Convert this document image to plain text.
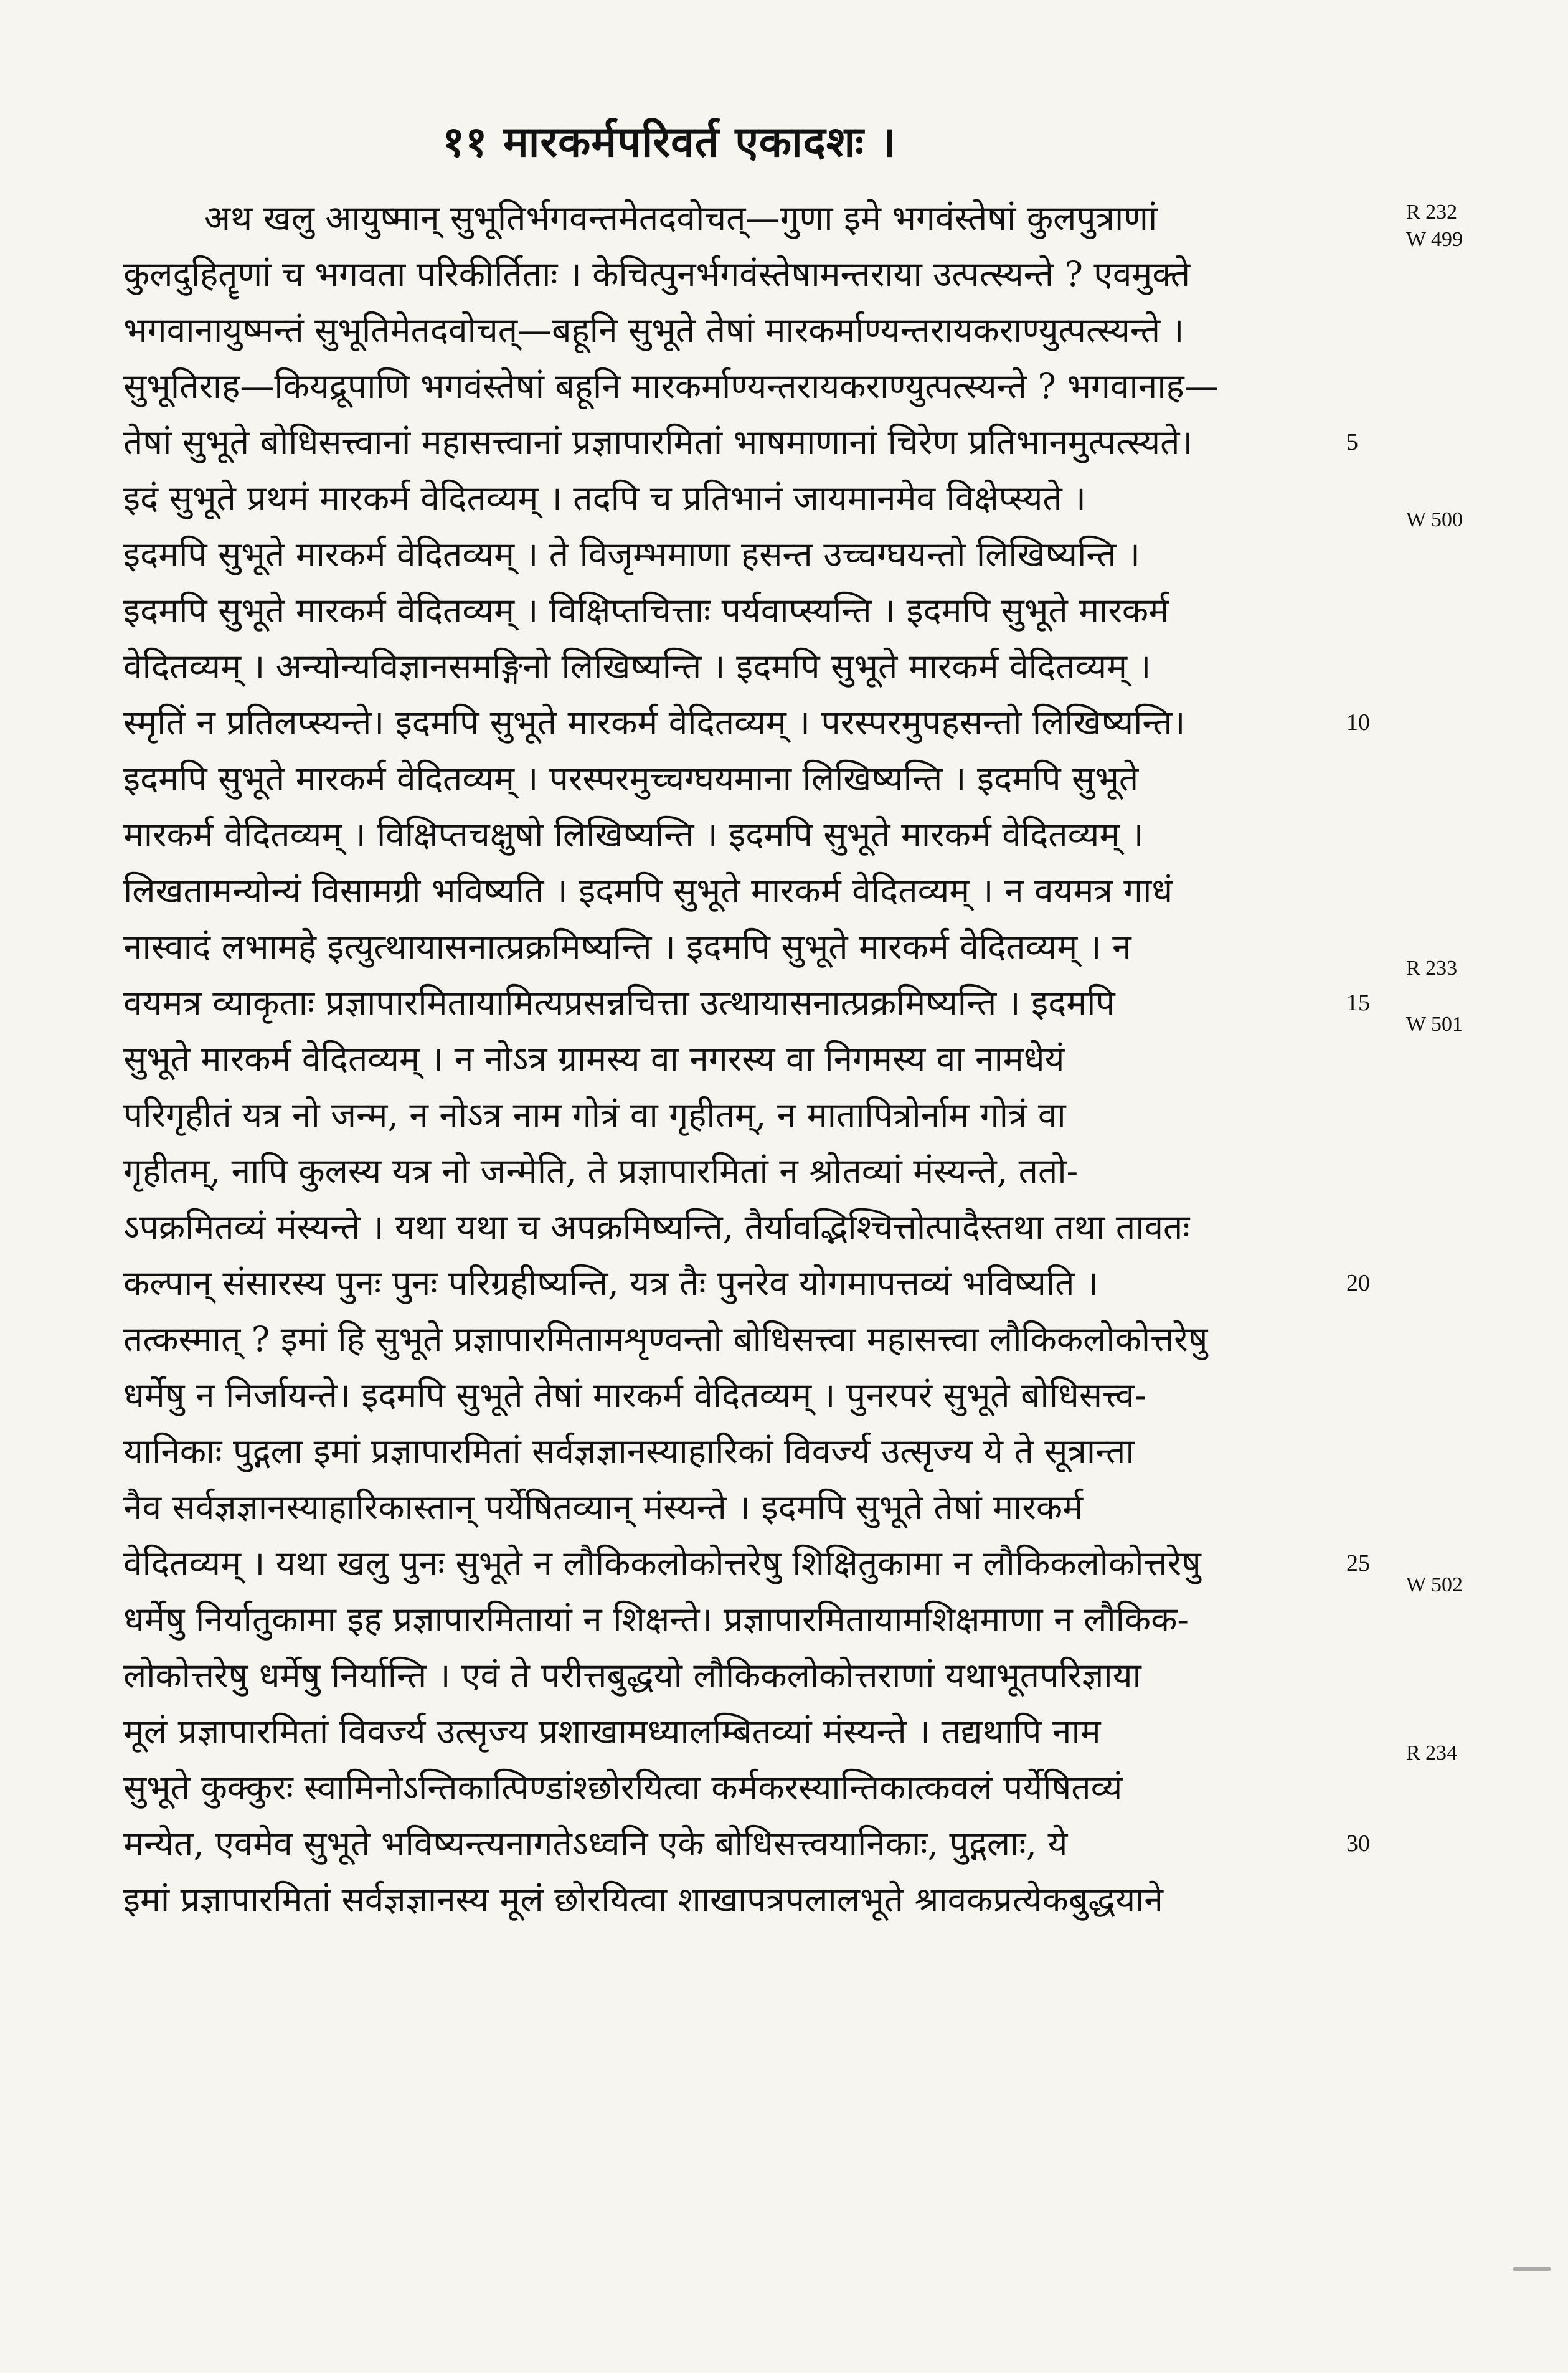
११ मारकर्मपरिवर्त एकादशः ।
अथ खलु आयुष्मान् सुभूतिर्भगवन्तमेतदवोचत्—गुणा इमे भगवंस्तेषां कुलपुत्राणां
कुलदुहितॄणां च भगवता परिकीर्तिताः । केचित्पुनर्भगवंस्तेषामन्तराया उत्पत्स्यन्ते ? एवमुक्ते
भगवानायुष्मन्तं सुभूतिमेतदवोचत्—बहूनि सुभूते तेषां मारकर्माण्यन्तरायकराण्युत्पत्स्यन्ते ।
सुभूतिराह—कियद्रूपाणि भगवंस्तेषां बहूनि मारकर्माण्यन्तरायकराण्युत्पत्स्यन्ते ? भगवानाह—
तेषां सुभूते बोधिसत्त्वानां महासत्त्वानां प्रज्ञापारमितां भाषमाणानां चिरेण प्रतिभानमुत्पत्स्यते।
इदं सुभूते प्रथमं मारकर्म वेदितव्यम् । तदपि च प्रतिभानं जायमानमेव विक्षेप्स्यते ।
इदमपि सुभूते मारकर्म वेदितव्यम् । ते विजृम्भमाणा हसन्त उच्चग्घयन्तो लिखिष्यन्ति ।
इदमपि सुभूते मारकर्म वेदितव्यम् । विक्षिप्तचित्ताः पर्यवाप्स्यन्ति । इदमपि सुभूते मारकर्म
वेदितव्यम् । अन्योन्यविज्ञानसमङ्गिनो लिखिष्यन्ति । इदमपि सुभूते मारकर्म वेदितव्यम् ।
स्मृतिं न प्रतिलप्स्यन्ते। इदमपि सुभूते मारकर्म वेदितव्यम् । परस्परमुपहसन्तो लिखिष्यन्ति।
इदमपि सुभूते मारकर्म वेदितव्यम् । परस्परमुच्चग्घयमाना लिखिष्यन्ति । इदमपि सुभूते
मारकर्म वेदितव्यम् । विक्षिप्तचक्षुषो लिखिष्यन्ति । इदमपि सुभूते मारकर्म वेदितव्यम् ।
लिखतामन्योन्यं विसामग्री भविष्यति । इदमपि सुभूते मारकर्म वेदितव्यम् । न वयमत्र गाधं
नास्वादं लभामहे इत्युत्थायासनात्प्रक्रमिष्यन्ति । इदमपि सुभूते मारकर्म वेदितव्यम् । न
वयमत्र व्याकृताः प्रज्ञापारमितायामित्यप्रसन्नचित्ता उत्थायासनात्प्रक्रमिष्यन्ति । इदमपि
सुभूते मारकर्म वेदितव्यम् । न नोऽत्र ग्रामस्य वा नगरस्य वा निगमस्य वा नामधेयं
परिगृहीतं यत्र नो जन्म, न नोऽत्र नाम गोत्रं वा गृहीतम्, न मातापित्रोर्नाम गोत्रं वा
गृहीतम्, नापि कुलस्य यत्र नो जन्मेति, ते प्रज्ञापारमितां न श्रोतव्यां मंस्यन्ते, ततो-
ऽपक्रमितव्यं मंस्यन्ते । यथा यथा च अपक्रमिष्यन्ति, तैर्यावद्भिश्चित्तोत्पादैस्तथा तथा तावतः
कल्पान् संसारस्य पुनः पुनः परिग्रहीष्यन्ति, यत्र तैः पुनरेव योगमापत्तव्यं भविष्यति ।
तत्कस्मात् ? इमां हि सुभूते प्रज्ञापारमितामशृण्वन्तो बोधिसत्त्वा महासत्त्वा लौकिकलोकोत्तरेषु
धर्मेषु न निर्जायन्ते। इदमपि सुभूते तेषां मारकर्म वेदितव्यम् । पुनरपरं सुभूते बोधिसत्त्व-
यानिकाः पुद्गला इमां प्रज्ञापारमितां सर्वज्ञज्ञानस्याहारिकां विवर्ज्य उत्सृज्य ये ते सूत्रान्ता
नैव सर्वज्ञज्ञानस्याहारिकास्तान् पर्येषितव्यान् मंस्यन्ते । इदमपि सुभूते तेषां मारकर्म
वेदितव्यम् । यथा खलु पुनः सुभूते न लौकिकलोकोत्तरेषु शिक्षितुकामा न लौकिकलोकोत्तरेषु
धर्मेषु निर्यातुकामा इह प्रज्ञापारमितायां न शिक्षन्ते। प्रज्ञापारमितायामशिक्षमाणा न लौकिक-
लोकोत्तरेषु धर्मेषु निर्यान्ति । एवं ते परीत्तबुद्धयो लौकिकलोकोत्तराणां यथाभूतपरिज्ञाया
मूलं प्रज्ञापारमितां विवर्ज्य उत्सृज्य प्रशाखामध्यालम्बितव्यां मंस्यन्ते । तद्यथापि नाम
सुभूते कुक्कुरः स्वामिनोऽन्तिकात्पिण्डांश्छोरयित्वा कर्मकरस्यान्तिकात्कवलं पर्येषितव्यं
मन्येत, एवमेव सुभूते भविष्यन्त्यनागतेऽध्वनि एके बोधिसत्त्वयानिकाः, पुद्गलाः, ये
इमां प्रज्ञापारमितां सर्वज्ञज्ञानस्य मूलं छोरयित्वा शाखापत्रपलालभूते श्रावकप्रत्येकबुद्धयाने
5
10
15
20
25
30
R 232
W 499
W 500
R 233
W 501
W 502
R 234
